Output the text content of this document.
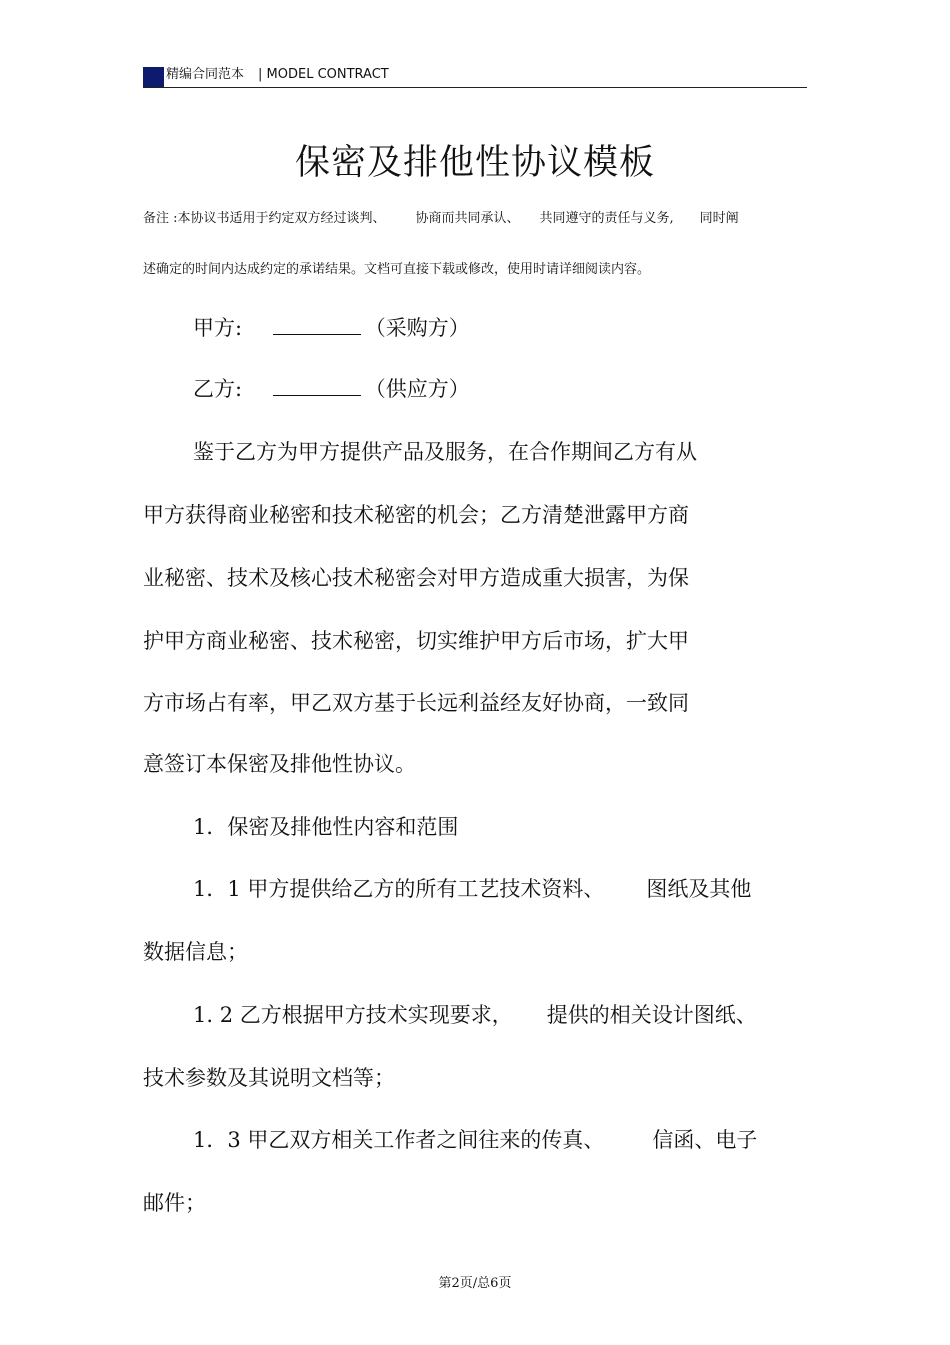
精编合同范本 | MODEL CONTRACT
保密及排他性协议模板
备注 :本协议书适用于约定双方经过谈判、 协商而共同承认、 共同遵守的责任与义务, 同时阐
述确定的时间内达成约定的承诺结果。文档可直接下载或修改，使用时请详细阅读内容。
甲方:	（采购方）
乙方:	（供应方）
鉴于乙方为甲方提供产品及服务，在合作期间乙方有从
甲方获得商业秘密和技术秘密的机会；乙方清楚泄露甲方商
业秘密、技术及核心技术秘密会对甲方造成重大损害，为保
护甲方商业秘密、技术秘密，切实维护甲方后市场，扩大甲
方市场占有率，甲乙双方基于长远利益经友好协商，一致同
意签订本保密及排他性协议。
1．保密及排他性内容和范围
1．1 甲方提供给乙方的所有工艺技术资料、 图纸及其他
数据信息；
1. 2 乙方根据甲方技术实现要求， 提供的相关设计图纸、
技术参数及其说明文档等；
1．3 甲乙双方相关工作者之间往来的传真、 信函、电子
邮件；
第2页/总6页
